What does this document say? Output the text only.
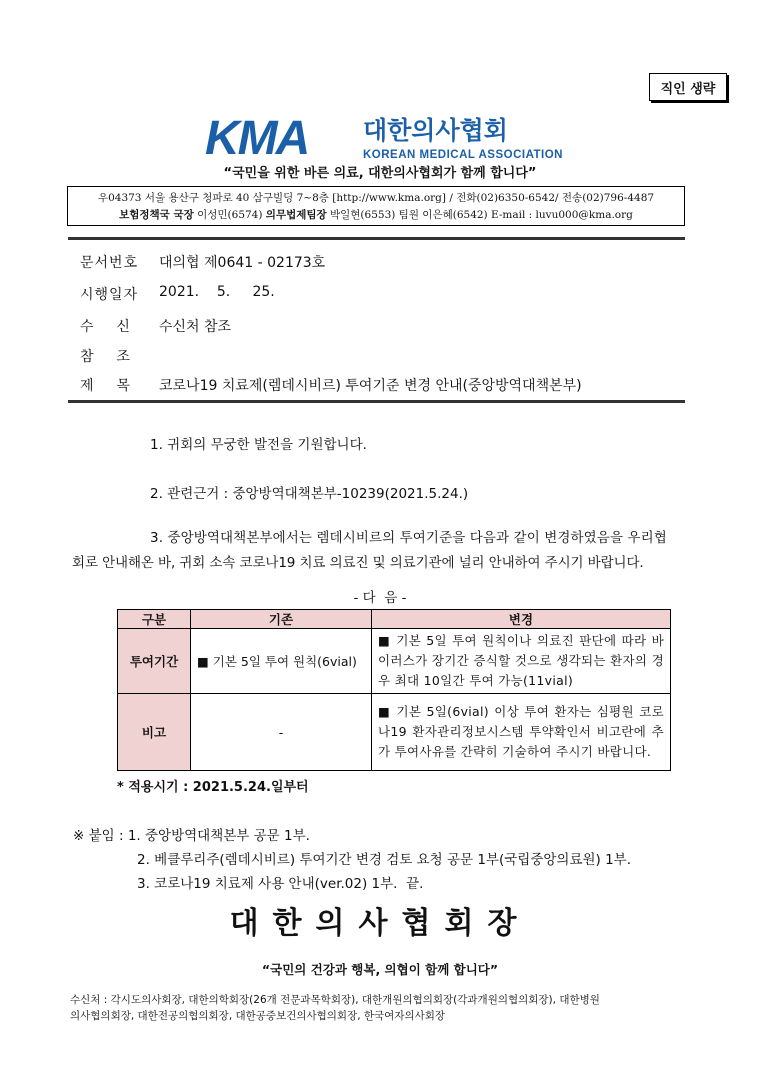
직인 생략
KMA 대한의사협회
KOREAN MEDICAL ASSOCIATION
“국민을 위한 바른 의료, 대한의사협회가 함께 합니다”
우04373 서울 용산구 청파로 40 삼구빌딩 7~8층 [http://www.kma.org] / 전화(02)6350-6542/ 전송(02)796-4487
보험정책국 국장 이성민(6574) 의무법제팀장 박일현(6553) 팀원 이은혜(6542) E-mail : luvu000@kma.org
문서번호 대의협 제0641 - 02173호
시행일자 2021.    5.     25.
수    신 수신처 참조
참    조
제    목 코로나19 치료제(렘데시비르) 투여기준 변경 안내(중앙방역대책본부)
1. 귀회의 무궁한 발전을 기원합니다.
2. 관련근거 : 중앙방역대책본부-10239(2021.5.24.)
3. 중앙방역대책본부에서는 렘데시비르의 투여기준을 다음과 같이 변경하였음을 우리협
회로 안내해온 바, 귀회 소속 코로나19 치료 의료진 및 의료기관에 널리 안내하여 주시기 바랍니다.
- 다  음 -
구분	기존	변경
투여기간	■ 기본 5일 투여 원칙(6vial)	■ 기본 5일 투여 원칙이나 의료진 판단에 따라 바이러스가 장기간 증식할 것으로 생각되는 환자의 경우 최대 10일간 투여 가능(11vial)
비고	-	■ 기본 5일(6vial) 이상 투여 환자는 심평원 코로나19 환자관리정보시스템 투약확인서 비고란에 추가 투여사유를 간략히 기술하여 주시기 바랍니다.
* 적용시기 : 2021.5.24.일부터
※ 붙임 : 1. 중앙방역대책본부 공문 1부.
2. 베클루리주(렘데시비르) 투여기간 변경 검토 요청 공문 1부(국립중앙의료원) 1부.
3. 코로나19 치료제 사용 안내(ver.02) 1부.  끝.
대한의사협회장
“국민의 건강과 행복, 의협이 함께 합니다”
수신처 : 각시도의사회장, 대한의학회장(26개 전문과목학회장), 대한개원의협의회장(각과개원의협의회장), 대한병원
의사협의회장, 대한전공의협의회장, 대한공중보건의사협의회장, 한국여자의사회장
